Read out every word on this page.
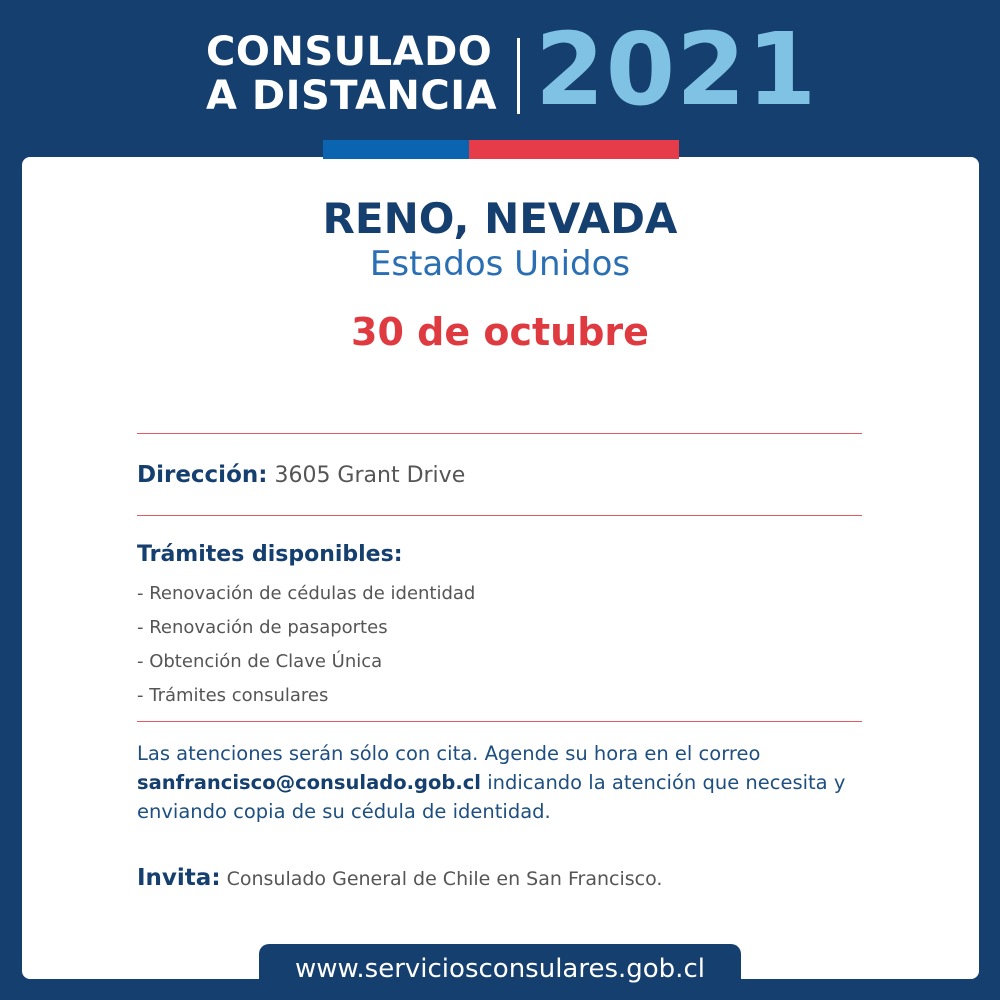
CONSULADO
A DISTANCIA 2021
RENO, NEVADA
Estados Unidos
30 de octubre
Dirección: 3605 Grant Drive
Trámites disponibles:
- Renovación de cédulas de identidad
- Renovación de pasaportes
- Obtención de Clave Única
- Trámites consulares
Las atenciones serán sólo con cita. Agende su hora en el correo
sanfrancisco@consulado.gob.cl indicando la atención que necesita y enviando copia de su cédula de identidad.
Invita: Consulado General de Chile en San Francisco.
www.serviciosconsulares.gob.cl
